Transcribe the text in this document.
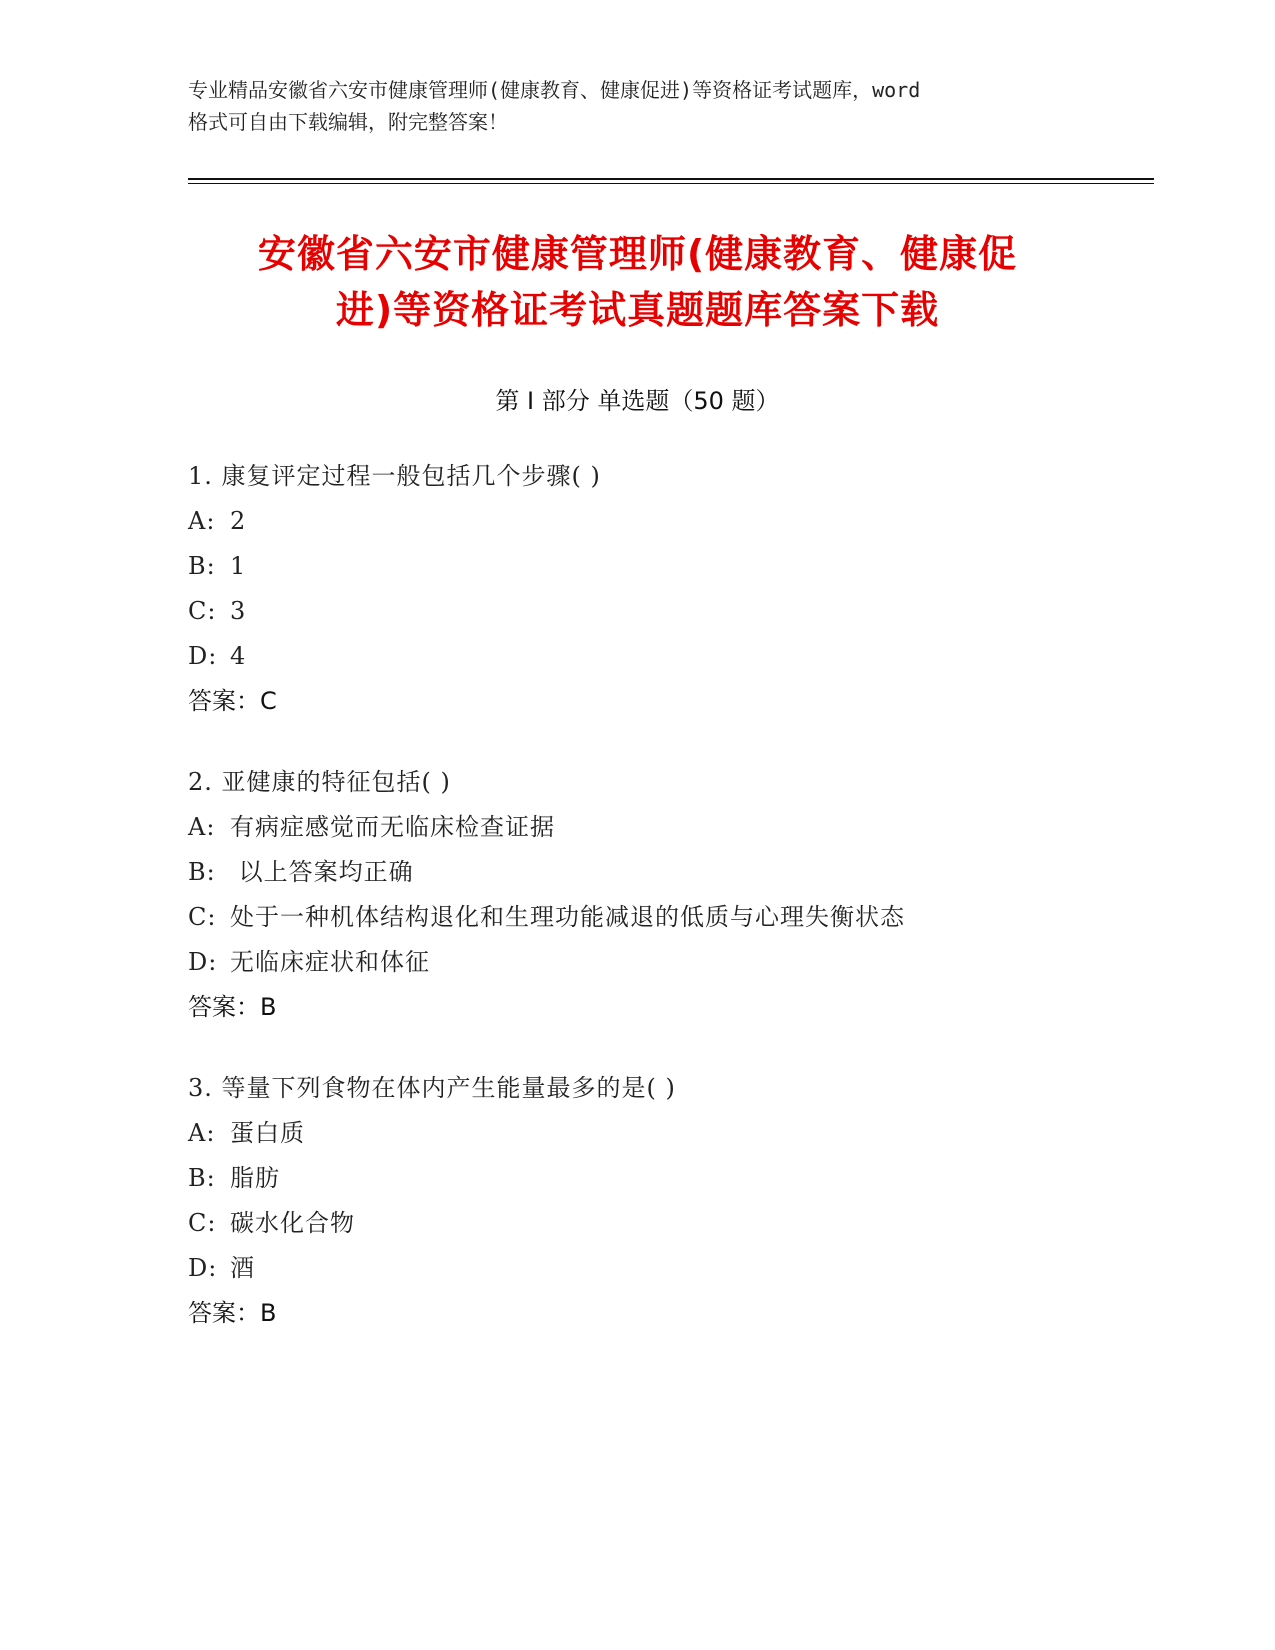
专业精品安徽省六安市健康管理师(健康教育、健康促进)等资格证考试题库，word
格式可自由下载编辑，附完整答案！
安徽省六安市健康管理师(健康教育、健康促
进)等资格证考试真题题库答案下载
第 I 部分 单选题（50 题）
1. 康复评定过程一般包括几个步骤( )
A: 2
B: 1
C: 3
D: 4
答案：C
2. 亚健康的特征包括( )
A: 有病症感觉而无临床检查证据
B: 以上答案均正确
C: 处于一种机体结构退化和生理功能减退的低质与心理失衡状态
D: 无临床症状和体征
答案：B
3. 等量下列食物在体内产生能量最多的是( )
A: 蛋白质
B: 脂肪
C: 碳水化合物
D: 酒
答案：B
